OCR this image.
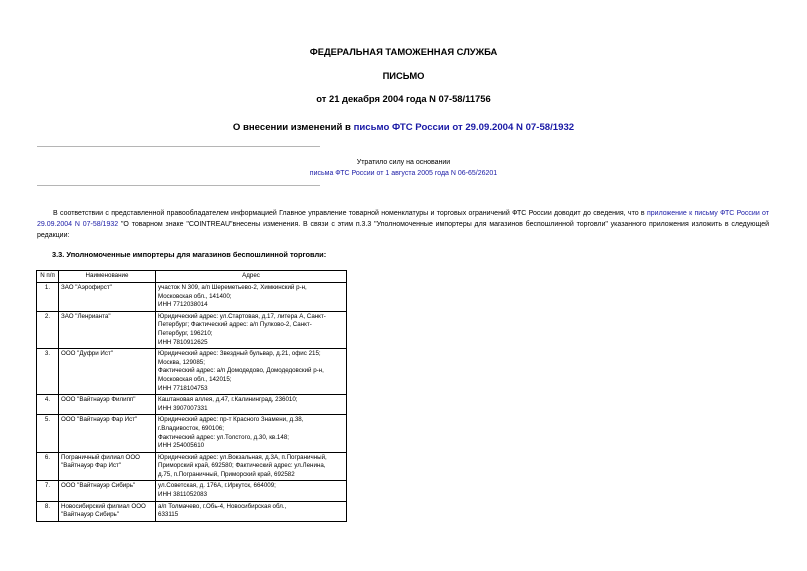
ФЕДЕРАЛЬНАЯ ТАМОЖЕННАЯ СЛУЖБА
ПИСЬМО
от 21 декабря 2004 года N 07-58/11756
О внесении изменений в письмо ФТС России от 29.09.2004 N 07-58/1932
Утратило силу на основании
письма ФТС России от 1 августа 2005 года N 06-65/26201

В соответствии с представленной правообладателем информацией Главное управление товарной номенклатуры и торговых ограничений ФТС России доводит до сведения, что в приложение к письму ФТС России от 29.09.2004 N 07-58/1932 "О товарном знаке "COINTREAU"внесены изменения. В связи с этим п.3.3 "Уполномоченные импортеры для магазинов беспошлинной торговли" указанного приложения изложить в следующей редакции:

3.3. Уполномоченные импортеры для магазинов беспошлинной торговли:

N п/п	Наименование	Адрес
1.	ЗАО "Аэрофирст"	участок N 309, а/п Шереметьево-2, Химкинский р-н,
Московская обл., 141400;
ИНН 7712038014
2.	ЗАО "Ленрианта"	Юридический адрес: ул.Стартовая, д.17, литера А, Санкт-
Петербург; Фактический адрес: а/п Пулково-2, Санкт-
Петербург, 196210;
ИНН 7810912625
3.	ООО "Дуфри Ист"	Юридический адрес: Звездный бульвар, д.21, офис 215;
Москва, 129085;
Фактический адрес: а/п Домодедово, Домодедовский р-н,
Московская обл., 142015;
ИНН 7718104753
4.	ООО "Вайтнауэр Филипп"	Каштановая аллея, д.47, г.Калининград, 236010;
ИНН 3907007331
5.	ООО "Вайтнауэр Фар Ист"	Юридический адрес: пр-т Красного Знамени, д.38,
г.Владивосток, 690106;
Фактический адрес: ул.Толстого, д.30, кв.148;
ИНН 254005610
6.	Пограничный филиал ООО "Вайтнауэр Фар Ист"	Юридический адрес: ул.Вокзальная, д.3А, п.Пограничный,
Приморский край, 692580; Фактический адрес: ул.Ленина,
д.75, п.Пограничный, Приморский край, 692582
7.	ООО "Вайтнауэр Сибирь"	ул.Советская, д. 176А, г.Иркутск, 664009;
ИНН 3811052083
8.	Новосибирский филиал ООО "Вайтнауэр Сибирь"	а/п Толмачево, г.Обь-4, Новосибирская обл.,
633115
